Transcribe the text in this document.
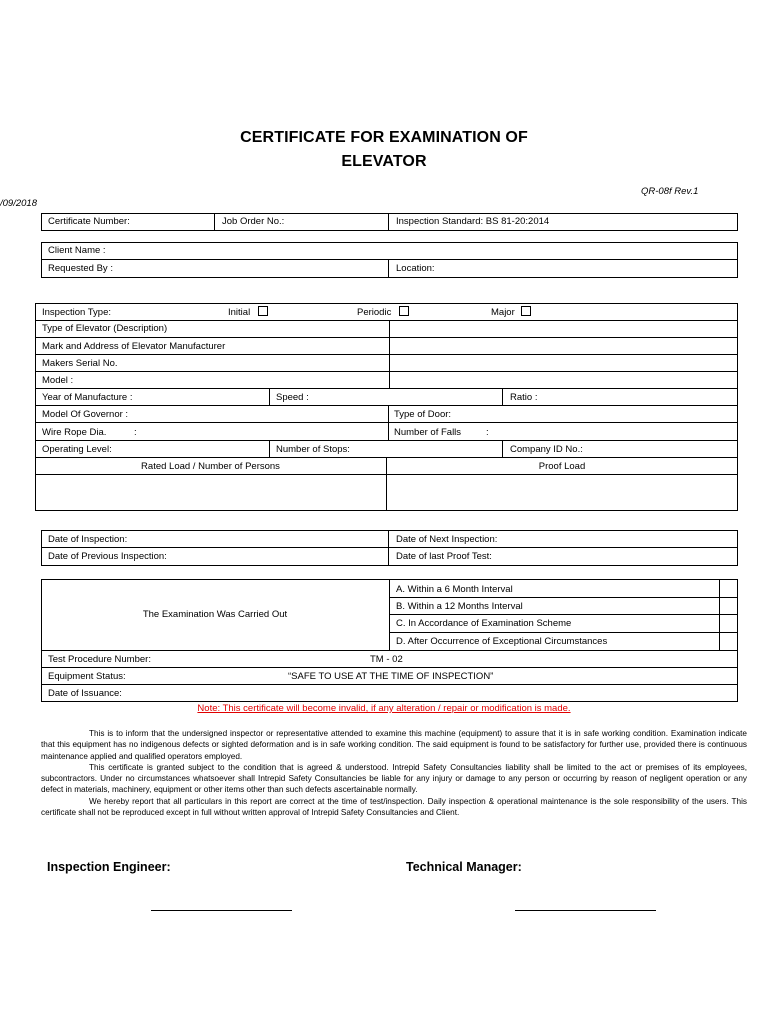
CERTIFICATE FOR EXAMINATION OF
ELEVATOR
QR-08f Rev.1
/09/2018
Certificate Number:	Job Order No.:	Inspection Standard: BS 81-20:2014
Client Name :
Requested By :	Location:
Inspection Type:	Initial	Periodic	Major
Type of Elevator (Description)
Mark and Address of Elevator Manufacturer
Makers Serial No.
Model :
Year of Manufacture :	Speed :	Ratio :
Model Of Governor :	Type of Door:
Wire Rope Dia.	:	Number of Falls	:
Operating Level:	Number of Stops:	Company ID No.:
Rated Load / Number of Persons	Proof Load
Date of Inspection:	Date of Next Inspection:
Date of Previous Inspection:	Date of last Proof Test:
The Examination Was Carried Out
A. Within a 6 Month Interval
B. Within a 12 Months Interval
C. In Accordance of Examination Scheme
D. After Occurrence of Exceptional Circumstances
Test Procedure Number:	TM - 02
Equipment Status:	“SAFE TO USE AT THE TIME OF INSPECTION”
Date of Issuance:
Note: This certificate will become invalid, if any alteration / repair or modification is made.

This is to inform that the undersigned inspector or representative attended to examine this machine (equipment) to assure that it is in safe working condition. Examination indicate that this equipment has no indigenous defects or sighted deformation and is in safe working condition. The said equipment is found to be satisfactory for further use, provided there is continuous maintenance applied and qualified operators employed.

This certificate is granted subject to the condition that is agreed & understood. Intrepid Safety Consultancies liability shall be limited to the act or premises of its employees, subcontractors. Under no circumstances whatsoever shall Intrepid Safety Consultancies be liable for any injury or damage to any person or occurring by reason of negligent operation or any defect in materials, machinery, equipment or other items other than such defects ascertainable normally.

We hereby report that all particulars in this report are correct at the time of test/inspection. Daily inspection & operational maintenance is the sole responsibility of the users. This certificate shall not be reproduced except in full without written approval of Intrepid Safety Consultancies and Client.

Inspection Engineer:	Technical Manager:
